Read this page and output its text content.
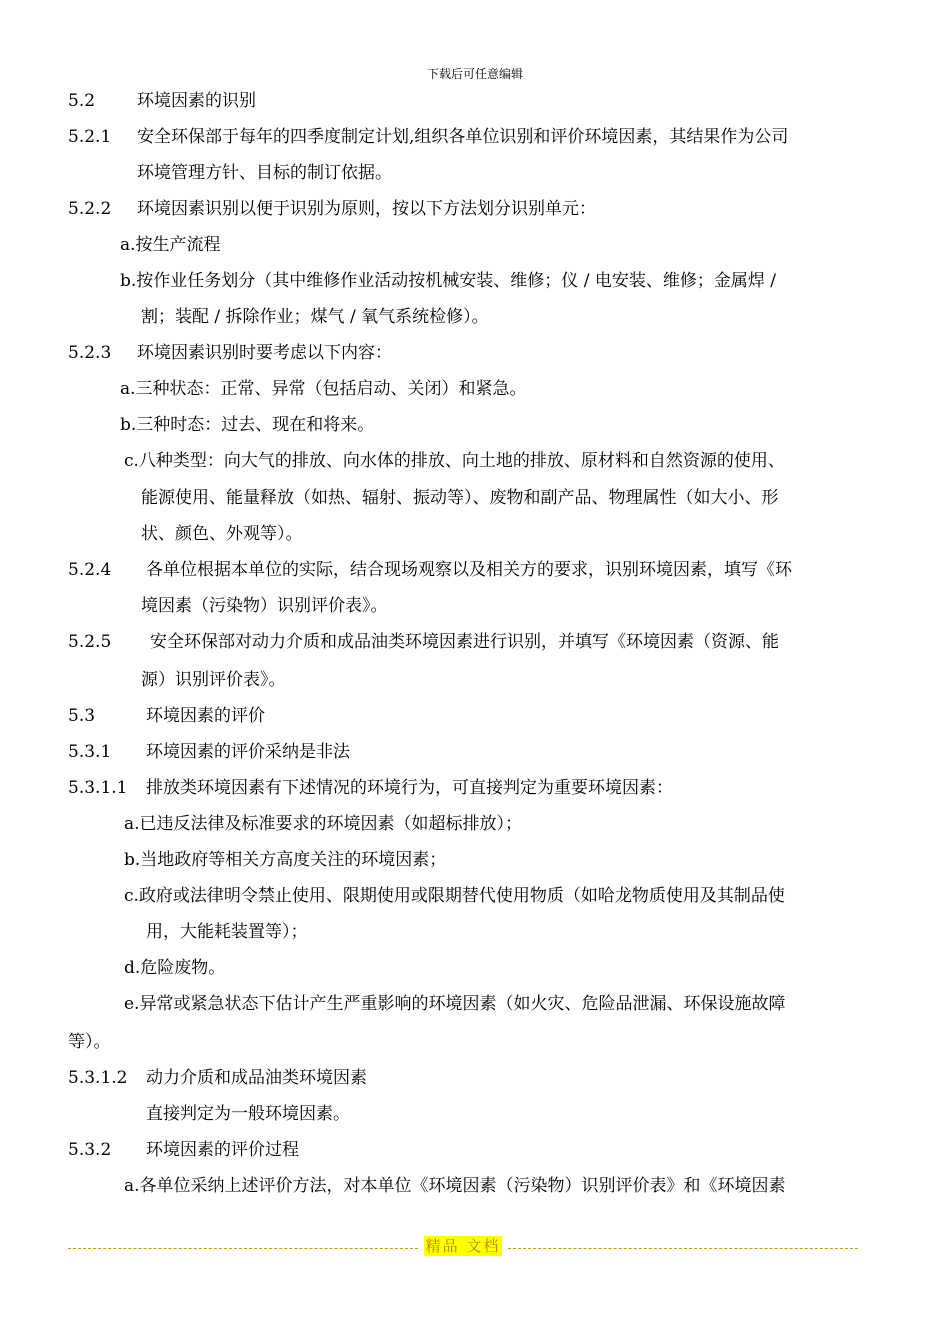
下载后可任意编辑
5.2 环境因素的识别
5.2.1 安全环保部于每年的四季度制定计划,组织各单位识别和评价环境因素，其结果作为公司
环境管理方针、目标的制订依据。
5.2.2 环境因素识别以便于识别为原则，按以下方法划分识别单元：
a.按生产流程
b.按作业任务划分（其中维修作业活动按机械安装、维修；仪 / 电安装、维修；金属焊 /
割；装配 / 拆除作业；煤气 / 氧气系统检修）。
5.2.3 环境因素识别时要考虑以下内容：
a.三种状态：正常、异常（包括启动、关闭）和紧急。
b.三种时态：过去、现在和将来。
c.八种类型：向大气的排放、向水体的排放、向土地的排放、原材料和自然资源的使用、
能源使用、能量释放（如热、辐射、振动等）、废物和副产品、物理属性（如大小、形
状、颜色、外观等）。
5.2.4 各单位根据本单位的实际，结合现场观察以及相关方的要求，识别环境因素，填写《环
境因素（污染物）识别评价表》。
5.2.5 安全环保部对动力介质和成品油类环境因素进行识别，并填写《环境因素（资源、能
源）识别评价表》。
5.3	环境因素的评价
5.3.1 环境因素的评价采纳是非法
5.3.1.1 排放类环境因素有下述情况的环境行为，可直接判定为重要环境因素：
a.已违反法律及标准要求的环境因素（如超标排放）；
b.当地政府等相关方高度关注的环境因素；
c.政府或法律明令禁止使用、限期使用或限期替代使用物质（如哈龙物质使用及其制品使
用，大能耗装置等）；
d.危险废物。
e.异常或紧急状态下估计产生严重影响的环境因素（如火灾、危险品泄漏、环保设施故障
等）。
5.3.1.2 动力介质和成品油类环境因素
直接判定为一般环境因素。
5.3.2 环境因素的评价过程
a.各单位采纳上述评价方法，对本单位《环境因素（污染物）识别评价表》和《环境因素
精品 文档
